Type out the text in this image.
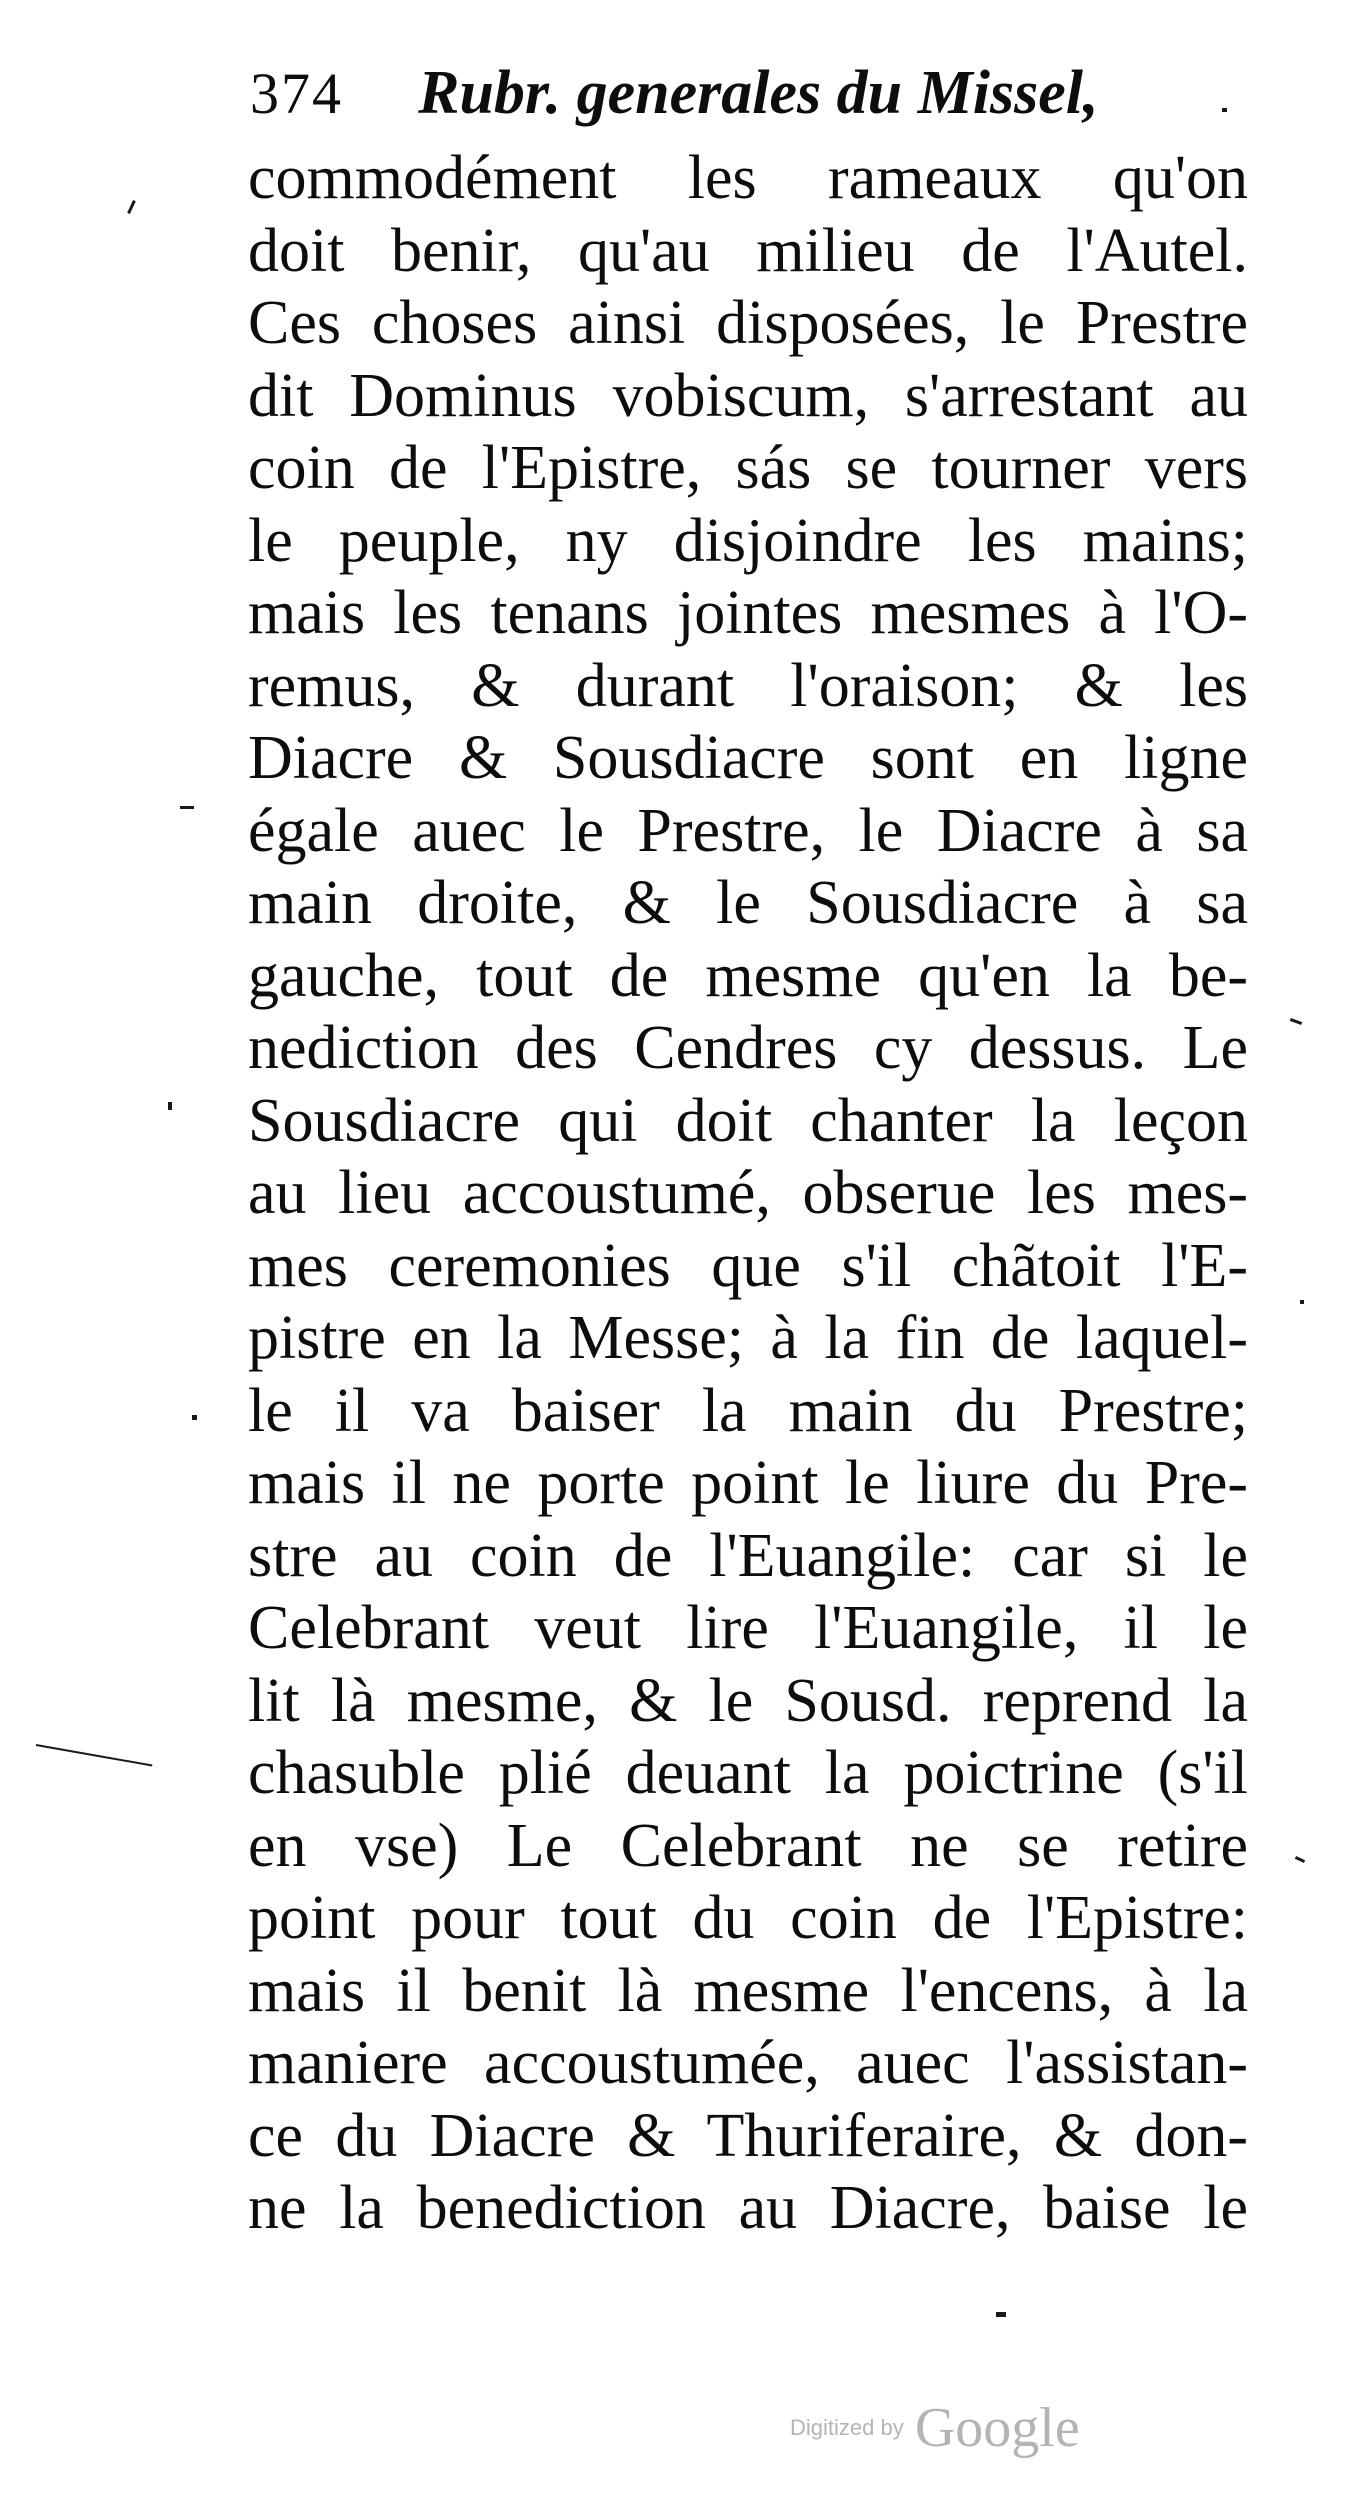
374 Rubr. generales du Missel,
commodément les rameaux qu'on
doit benir, qu'au milieu de l'Autel.
Ces choses ainsi disposées, le Prestre
dit Dominus vobiscum, s'arrestant au
coin de l'Epistre, sás se tourner vers
le peuple, ny disjoindre les mains;
mais les tenans jointes mesmes à l'O-
remus, & durant l'oraison; & les
Diacre & Sousdiacre sont en ligne
égale auec le Prestre, le Diacre à sa
main droite, & le Sousdiacre à sa
gauche, tout de mesme qu'en la be-
nediction des Cendres cy dessus. Le
Sousdiacre qui doit chanter la leçon
au lieu accoustumé, obserue les mes-
mes ceremonies que s'il chãtoit l'E-
pistre en la Messe; à la fin de laquel-
le il va baiser la main du Prestre;
mais il ne porte point le liure du Pre-
stre au coin de l'Euangile: car si le
Celebrant veut lire l'Euangile, il le
lit là mesme, & le Sousd. reprend la
chasuble plié deuant la poictrine (s'il
en vse) Le Celebrant ne se retire
point pour tout du coin de l'Epistre:
mais il benit là mesme l'encens, à la
maniere accoustumée, auec l'assistan-
ce du Diacre & Thuriferaire, & don-
ne la benediction au Diacre, baise le
Digitized by Google
